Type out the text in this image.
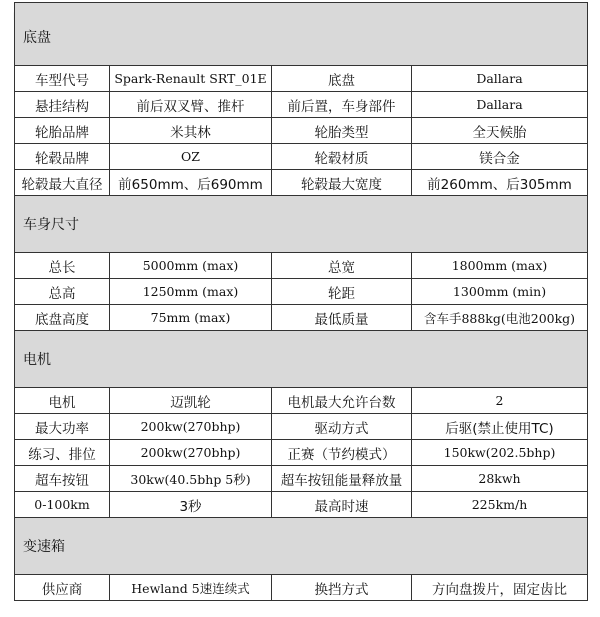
底盘			
车型代号	Spark-Renault SRT_01E	底盘	Dallara
悬挂结构	前后双叉臂、推杆	前后置，车身部件	Dallara
轮胎品牌	米其林	轮胎类型	全天候胎
轮毂品牌	OZ	轮毂材质	镁合金
轮毂最大直径	前650mm、后690mm	轮毂最大宽度	前260mm、后305mm
车身尺寸			
总长	5000mm (max)	总宽	1800mm (max)
总高	1250mm (max)	轮距	1300mm (min)
底盘高度	75mm (max)	最低质量	含车手888kg(电池200kg)
电机			
电机	迈凯轮	电机最大允许台数	2
最大功率	200kw(270bhp)	驱动方式	后驱(禁止使用TC)
练习、排位	200kw(270bhp)	正赛（节约模式）	150kw(202.5bhp)
超车按钮	30kw(40.5bhp 5秒)	超车按钮能量释放量	28kwh
0-100km	3秒	最高时速	225km/h
变速箱			
供应商	Hewland 5速连续式	换挡方式	方向盘拨片，固定齿比
